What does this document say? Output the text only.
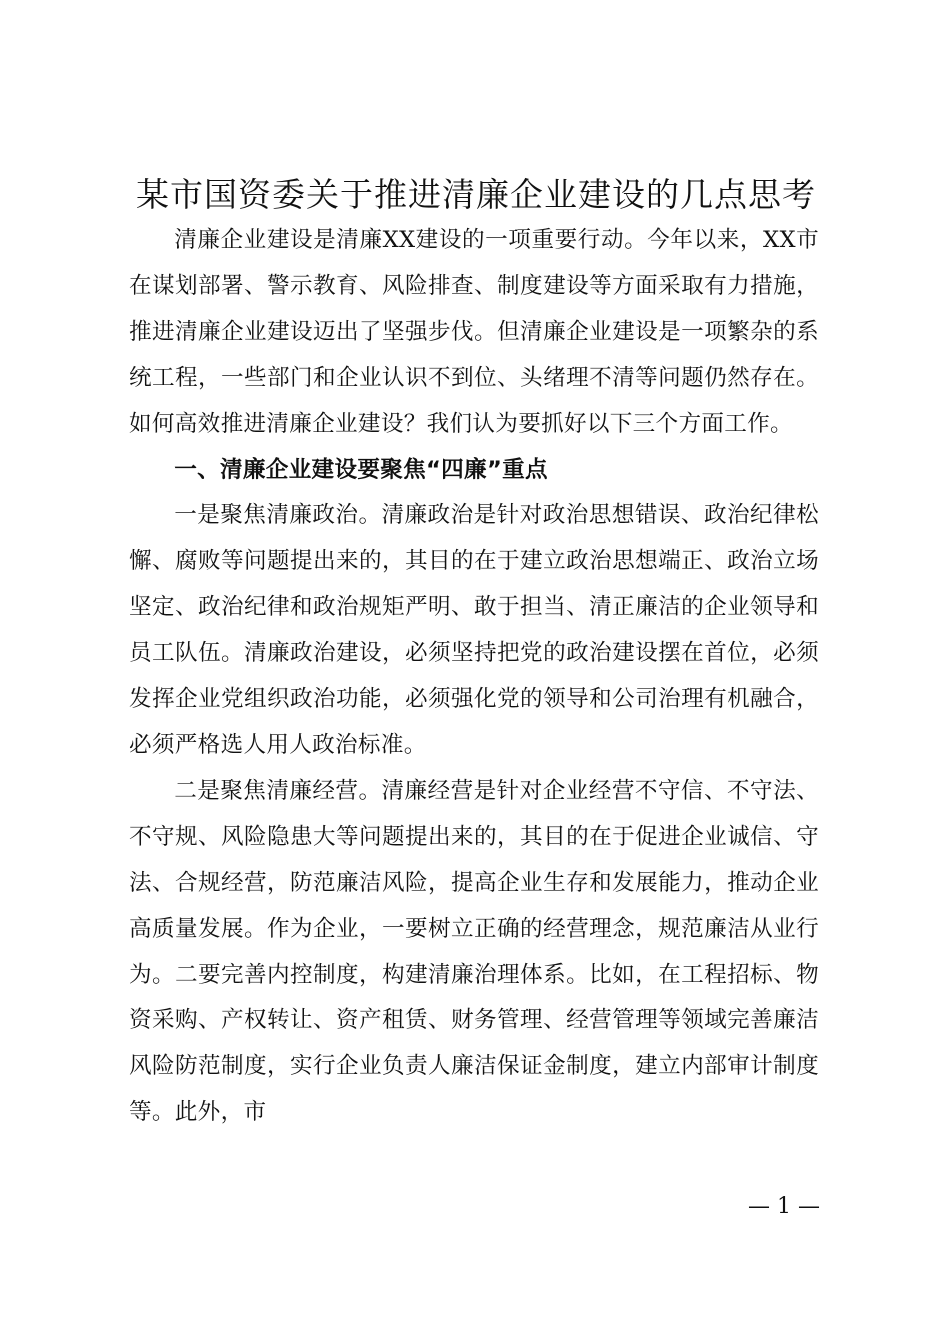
某市国资委关于推进清廉企业建设的几点思考

清廉企业建设是清廉XX建设的一项重要行动。今年以来，XX市在谋划部署、警示教育、风险排查、制度建设等方面采取有力措施，推进清廉企业建设迈出了坚强步伐。但清廉企业建设是一项繁杂的系统工程，一些部门和企业认识不到位、头绪理不清等问题仍然存在。如何高效推进清廉企业建设？我们认为要抓好以下三个方面工作。

一、清廉企业建设要聚焦“四廉”重点

一是聚焦清廉政治。清廉政治是针对政治思想错误、政治纪律松懈、腐败等问题提出来的，其目的在于建立政治思想端正、政治立场坚定、政治纪律和政治规矩严明、敢于担当、清正廉洁的企业领导和员工队伍。清廉政治建设，必须坚持把党的政治建设摆在首位，必须发挥企业党组织政治功能，必须强化党的领导和公司治理有机融合，必须严格选人用人政治标准。

二是聚焦清廉经营。清廉经营是针对企业经营不守信、不守法、不守规、风险隐患大等问题提出来的，其目的在于促进企业诚信、守法、合规经营，防范廉洁风险，提高企业生存和发展能力，推动企业高质量发展。作为企业，一要树立正确的经营理念，规范廉洁从业行为。二要完善内控制度，构建清廉治理体系。比如，在工程招标、物资采购、产权转让、资产租赁、财务管理、经营管理等领域完善廉洁风险防范制度，实行企业负责人廉洁保证金制度，建立内部审计制度等。此外，市

— 1 —
